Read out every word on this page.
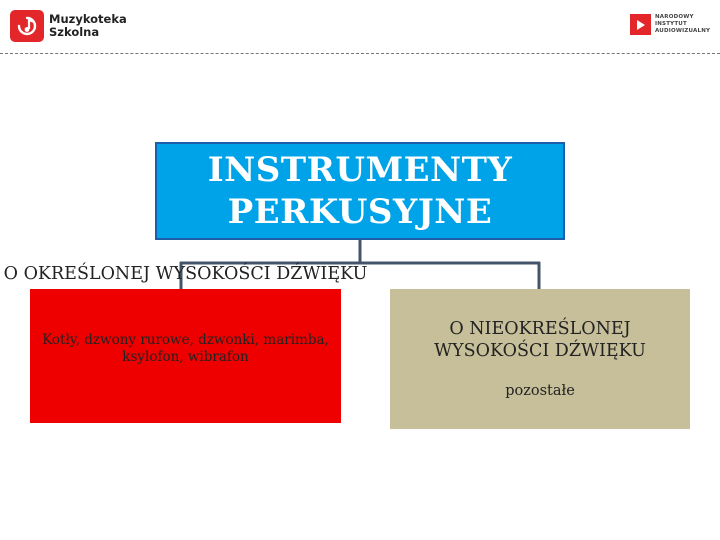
Muzykoteka
Szkolna
NARODOWY
INSTYTUT
AUDIOWIZUALNY
INSTRUMENTY PERKUSYJNE
O OKREŚLONEJ WYSOKOŚCI DŹWIĘKU
Kotły, dzwony rurowe, dzwonki, marimba, ksylofon, wibrafon
O NIEOKREŚLONEJ WYSOKOŚCI DŹWIĘKU
pozostałe
